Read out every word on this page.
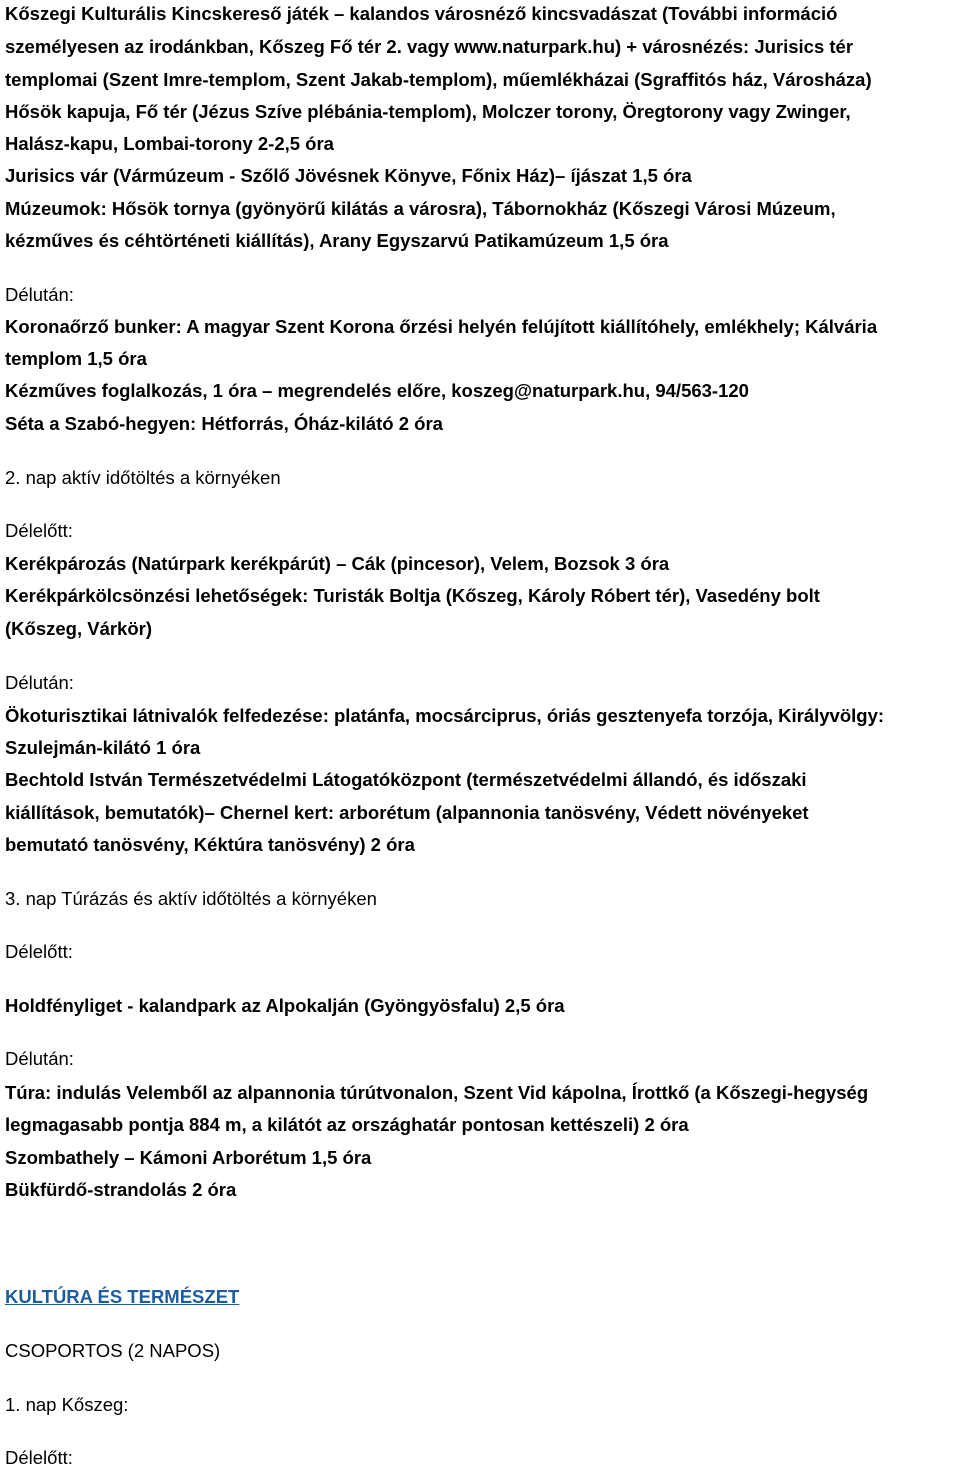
Kőszegi Kulturális Kincskereső játék – kalandos városnéző kincsvadászat (További információ
személyesen az irodánkban, Kőszeg Fő tér 2. vagy www.naturpark.hu) + városnézés: Jurisics tér
templomai (Szent Imre-templom, Szent Jakab-templom), műemlékházai (Sgraffitós ház, Városháza)
Hősök kapuja, Fő tér (Jézus Szíve plébánia-templom), Molczer torony, Öregtorony vagy Zwinger,
Halász-kapu, Lombai-torony 2-2,5 óra
Jurisics vár (Vármúzeum - Szőlő Jövésnek Könyve, Főnix Ház)– íjászat 1,5 óra
Múzeumok: Hősök tornya (gyönyörű kilátás a városra), Tábornokház (Kőszegi Városi Múzeum,
kézműves és céhtörténeti kiállítás), Arany Egyszarvú Patikamúzeum 1,5 óra
Délután:
Koronaőrző bunker: A magyar Szent Korona őrzési helyén felújított kiállítóhely, emlékhely; Kálvária
templom 1,5 óra
Kézműves foglalkozás, 1 óra – megrendelés előre, koszeg@naturpark.hu, 94/563-120
Séta a Szabó-hegyen: Hétforrás, Óház-kilátó 2 óra
2. nap aktív időtöltés a környéken
Délelőtt:
Kerékpározás (Natúrpark kerékpárút) – Cák (pincesor), Velem, Bozsok 3 óra
Kerékpárkölcsönzési lehetőségek: Turisták Boltja (Kőszeg, Károly Róbert tér), Vasedény bolt
(Kőszeg, Várkör)
Délután:
Ökoturisztikai látnivalók felfedezése: platánfa, mocsárciprus, óriás gesztenyefa torzója, Királyvölgy:
Szulejmán-kilátó 1 óra
Bechtold István Természetvédelmi Látogatóközpont (természetvédelmi állandó, és időszaki
kiállítások, bemutatók)– Chernel kert: arborétum (alpannonia tanösvény, Védett növényeket
bemutató tanösvény, Kéktúra tanösvény) 2 óra
3. nap Túrázás és aktív időtöltés a környéken
Délelőtt:
Holdfényliget - kalandpark az Alpokalján (Gyöngyösfalu) 2,5 óra
Délután:
Túra: indulás Velemből az alpannonia túrútvonalon, Szent Vid kápolna, Írottkő (a Kőszegi-hegység
legmagasabb pontja 884 m, a kilátót az országhatár pontosan kettészeli) 2 óra
Szombathely – Kámoni Arborétum 1,5 óra
Bükfürdő-strandolás 2 óra
KULTÚRA ÉS TERMÉSZET
CSOPORTOS (2 NAPOS)
1. nap Kőszeg:
Délelőtt:
